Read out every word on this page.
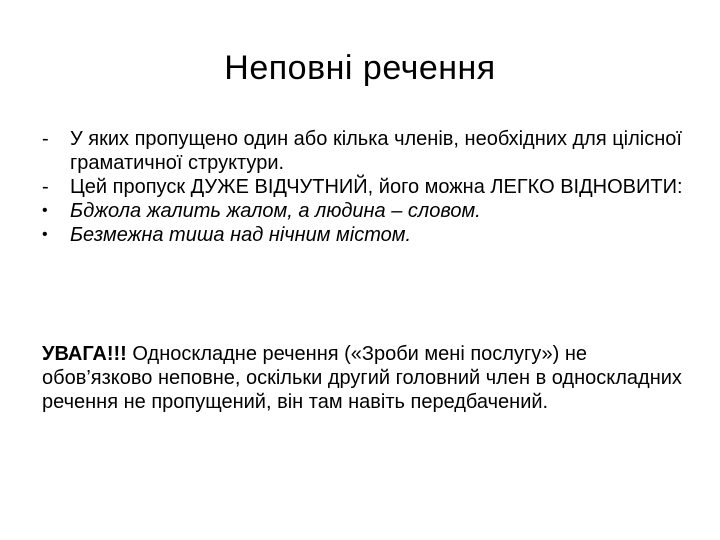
Неповні речення
-	У яких пропущено один або кілька членів, необхідних для цілісної граматичної структури.
-	Цей пропуск ДУЖЕ ВІДЧУТНИЙ, його можна ЛЕГКО ВІДНОВИТИ:
•	Бджола жалить жалом, а людина – словом.
•	Безмежна тиша над нічним містом.

УВАГА!!! Односкладне речення («Зроби мені послугу») не обов’язково неповне, оскільки другий головний член в односкладних речення не пропущений, він там навіть передбачений.
